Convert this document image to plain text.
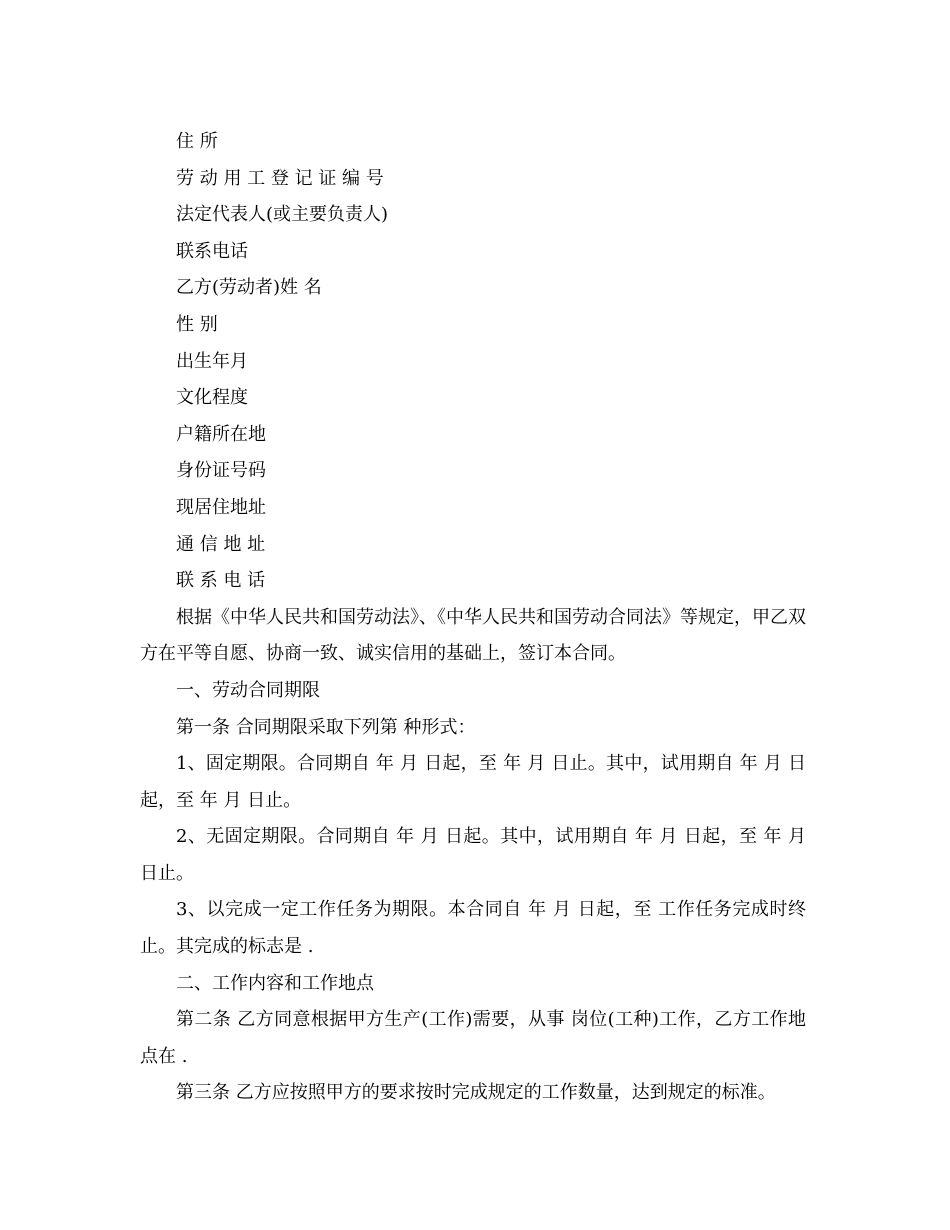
住 所

劳 动 用 工 登 记 证 编 号

法定代表人(或主要负责人)

联系电话

乙方(劳动者)姓 名

性 别

出生年月

文化程度

户籍所在地

身份证号码

现居住地址

通 信 地 址

联 系 电 话

根据《中华人民共和国劳动法》、《中华人民共和国劳动合同法》等规定，甲乙双方在平等自愿、协商一致、诚实信用的基础上，签订本合同。

一、劳动合同期限

第一条 合同期限采取下列第 种形式：

1、固定期限。合同期自 年 月 日起，至 年 月 日止。其中，试用期自 年 月 日起，至 年 月 日止。

2、无固定期限。合同期自 年 月 日起。其中，试用期自 年 月 日起，至 年 月日止。

3、以完成一定工作任务为期限。本合同自 年 月 日起，至 工作任务完成时终止。其完成的标志是 .

二、工作内容和工作地点

第二条 乙方同意根据甲方生产(工作)需要，从事 岗位(工种)工作，乙方工作地点在 .

第三条 乙方应按照甲方的要求按时完成规定的工作数量，达到规定的标准。
